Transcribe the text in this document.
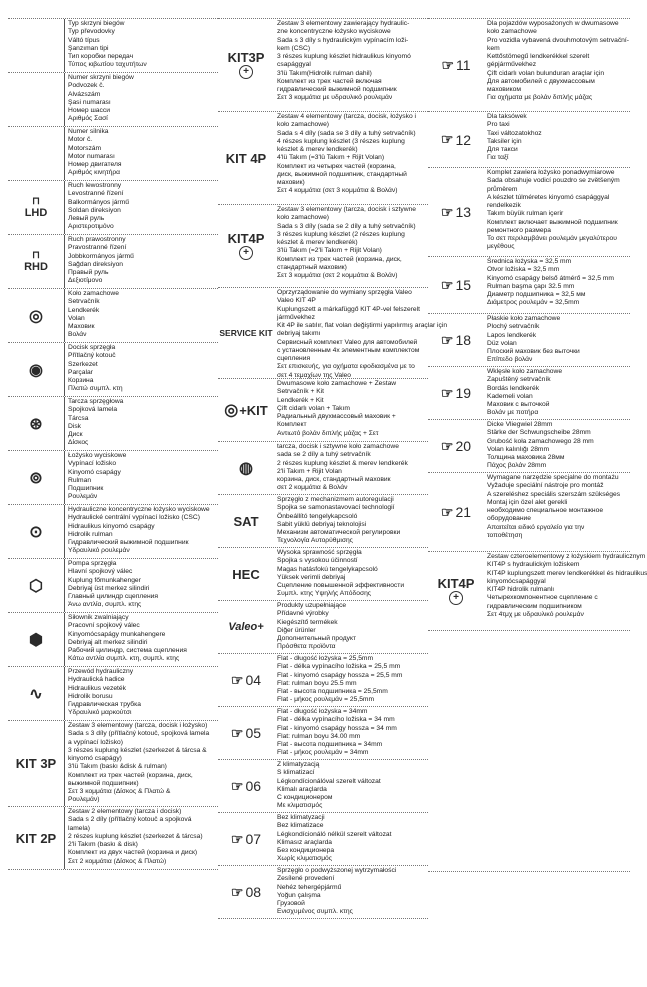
Typ skrzyni biegów
Typ převodovky
Váltó típus
Şanzıman tipi
Тип коробки передач
Τύπος κιβωτίου ταχυτήτων
Numer skrzyni biegów
Podvozek č.
Alvázszám
Şasi numarası
Номер шасси
Αριθμός Σασί
Numer silnika
Motor č.
Motorszám
Motor numarası
Номер двигателя
Αριθμός κινητήρα
⊓
LHD
Ruch lewostronny
Levostranné řízení
Balkormányos jármű
Soldan direksiyon
Левый руль
Αριστεροτιμόνο
⊓
RHD
Ruch prawostronny
Pravostranné řízení
Jobbkormányos jármű
Sağdan direksiyon
Правый руль
Δεξιοτίμονο
◎
Koło zamachowe
Setrvačník
Lendkerék
Volan
Маховик
Βολάν
◉
Docisk sprzęgła
Přítlačný kotouč
Szerkezet
Parçalar
Корзина
Πλατώ συμπλ. κτη
⊛
Tarcza sprzęgłowa
Spojková lamela
Tárcsa
Disk
Диск
Δίσκος
⊚
Łożysko wyciskowe
Vypínací ložisko
Kinyomó csapágy
Rulman
Подшипник
Ρουλεμάν
⊙
Hydrauliczne koncentryczne łożysko wyciskowe
Hydraulické centrální vypínací ložisko (CSC)
Hidraulikus kinyomó csapágy
Hidrolik rulman
Гидравлический выжимной подшипник
Υδραυλικό ρουλεμάν
⬡
Pompa sprzęgła
Hlavní spojkový válec
Kuplung főmunkahenger
Debriyaj üst merkez silindiri
Главный цилиндр сцепления
Άνω αντλία, συμπλ. κτης
⬢
Siłownik zwalniający
Pracovní spojkový válec
Kinyomócsapágy munkahengere
Debriyaj alt merkez silindiri
Рабочий цилиндр, система сцепления
Κάτω αντλία συμπλ. κτη, συμπλ. κτης
∿
Przewód hydrauliczny
Hydraulická hadice
Hidraulikus vezeték
Hidrolik borusu
Гидравлическая трубка
Υδραυλικό μαρκούτσι
KIT 3P
Zestaw 3 elementowy (tarcza, docisk i łożysko)
Sada s 3 díly (přítlačný kotouč, spojková lamela
a vypínací ložisko)
3 részes kuplung készlet (szerkezet & tárcsa &
kinyomó csapágy)
3'lü Takım (baskı &disk & rulman)
Комплект из трех частей (корзина, диск,
выжимной подшипник)
Σετ 3 κομμάτια (Δίσκος & Πλατώ &
Ρουλεμάν)
KIT 2P
Zestaw 2 elementowy (tarcza i docisk)
Sada s 2 díly (přítlačný kotouč a spojková
lamela)
2 részes kuplung készlet (szerkezet & tárcsa)
2'li Takım (baskı & disk)
Комплект из двух частей (корзина и диск)
Σετ 2 κομμάτια (Δίσκος & Πλατώ)
KIT3P
+
Zestaw 3 elementowy zawierający hydraulic-
zne koncentryczne łożysko wyciskowe
Sada s 3 díly s hydraulickým vypínacím loži-
kem (CSC)
3 részes kuplung készlet hidraulikus kinyomó
csapággyal
3'lü Takım(Hidrolik rulman dahil)
Комплект из трех частей включая
гидравлический выжимной подшипник
Σετ 3 κομμάτια με υδραυλικό ρουλεμάν
KIT 4P
Zestaw 4 elementowy (tarcza, docisk, łożysko i
koło zamachowe)
Sada s 4 díly (sada se 3 díly a tuhý setrvačník)
4 részes kuplung készlet (3 részes kuplung
készlet & merev lendkerék)
4'lü Takım (=3'lü Takım + Rijit Volan)
Комплект из четырех частей (корзина,
диск, выжимной подшипник, стандартный
маховик)
Σετ 4 κομμάτια (σετ 3 κομμάτια & Βολάν)
KIT4P
+
Zestaw 3 elementowy (tarcza, docisk i sztywne
koło zamachowe)
Sada s 3 díly (sada se 2 díly a tuhý setrvačník)
3 részes kuplung készlet (2 részes kuplung
készlet & merev lendkerék)
3'lü Takım (=2'li Takım + Rijit Volan)
Комплект из трех частей (корзина, диск,
стандартный маховик)
Σετ 3 κομμάτια (σετ 2 κομμάτια & Βολάν)
SERVICE KIT
Oprzyrządowanie do wymiany sprzęgła Valeo
Valeo KIT 4P
Kuplungszett a márkafüggő KIT 4P-vel felszerelt
járművekhez
Kit 4P ile satılır, flat volan değiştirmi yapılırmış araçlar için
debriyaj takımı
Сервисный комплект Valeo для автомобилей
с установленным 4х элементным комплектом
сцепления
Σετ επισκευής, για οχήματα εφοδιασμένα με το
σετ 4 τεμαχίων της Valeo
◎ +KIT
Dwumasowe koło zamachowe + Zestaw
Setrvačník + Kit
Lendkerék + Kit
Çift cidarlı volan + Takım
Радиальный двухмассовый маховик +
Комплект
Αντιωτό βολάν διπλής μάζας + Σετ
◍
tarcza, docisk i sztywne koło zamachowe
sada se 2 díly a tuhý setrvačník
2 részes kuplung készlet & merev lendkerék
2'li Takım + Rijit Volan
корзина, диск, стандартный маховик
σετ 2 κομμάτια & Βολάν
SAT
Sprzęgło z mechanizmem autoregulacji
Spojka se samonastavovací technologií
Önbeállító tengelykapcsoló
Sabit yüklü debriyaj teknolojisi
Механизм автоматической регулировки
Τεχνολογία Αυτορύθμισης
HEC
Wysoka sprawność sprzęgła
Spojka s vysokou účinností
Magas hatásfokú tengelykapcsoló
Yüksek verimli debriyaj
Сцепление повышенной эффективности
Συμπλ. κτης Υψηλής Απόδοσης
Valeo+
Produkty uzupełniające
Přídavné výrobky
Kiegészítő termékek
Diğer ürünler
Дополнительный продукт
Πρόσθετα προϊόντα
☞ 04
Flat - długość łożyska = 25,5mm
Flat - délka vypínacího ložiska = 25,5 mm
Flat - kinyomó csapágy hossza = 25,5 mm
Flat: rulman boyu 25.5 mm
Flat - высота подшипника = 25,5mm
Flat - μήκος ρουλεμάν = 25,5mm
☞ 05
Flat - długość łożyska = 34mm
Flat - délka vypínacího ložiska = 34 mm
Flat - kinyomó csapágy hossza = 34 mm
Flat: rulman boyu 34.00 mm
Flat - высота подшипника = 34mm
Flat - μήκος ρουλεμάν = 34mm
☞ 06
Z klimatyzacją
S klimatizací
Légkondícionálóval szerelt változat
Klimalı araçlarda
С кондиционером
Με κλιματισμός
☞ 07
Bez klimatyzacji
Bez klimatizace
Légkondícionáló nélkül szerelt változat
Klimasız araçlarda
Без кондиционера
Χωρίς κλιματισμός
☞ 08
Sprzęgło o podwyższonej wytrzymałości
Zesílené provedení
Nehéz tehergépjármű
Yoğun çalışma
Грузовой
Ενισχυμένος συμπλ. κτης
☞ 11
Dla pojazdów wyposażonych w dwumasowe
koło zamachowe
Pro vozidla vybavená dvouhmotovým setrvační-
kem
Kettőstömegű lendkerékkel szerelt
gépjárművekhez
Çift cidarlı volan bulunduran araçlar için
Для автомобилей с двухмассовым
маховиком
Για οχήματα με βολάν διπλής μάζας
☞ 12
Dla taksówek
Pro taxi
Taxi változatokhoz
Taksiler için
Для такси
Για ταξί
☞ 13
Komplet zawiera łożysko ponadwymiarowe
Sada obsahuje vodicí pouzdro se zvětšeným
průměrem
A készlet túlméretes kinyomó csapággyal
rendelkezik
Takım büyük rulman içerir
Комплект включает выжимной подшипник
ремонтного размера
Το σετ περιλαμβάνει ρουλεμάν μεγαλύτερου
μεγέθους
☞ 15
Średnica łożyska = 32,5 mm
Otvor ložiska = 32,5 mm
Kinyomó csapágy belső átmérő = 32,5 mm
Rulman başma çapı 32.5 mm
Диаметр подшипника = 32,5 мм
Διάμετρος ρουλεμάν = 32,5mm
☞ 18
Płaskie koło zamachowe
Plochý setrvačník
Lapos lendkerék
Düz volan
Плоский маховик без выточки
Επίπεδο βολάν
☞ 19
Wklęsłe koło zamachowe
Zapuštěný setrvačník
Bordás lendkerék
Kademeli volan
Маховик с выточкой
Βολάν με ποτήρα
☞ 20
Dicke Vliegwiel 28mm
Stärke der Schwungscheibe 28mm
Grubość koła zamachowego 28 mm
Volan kalınlığı 28mm
Толщина маховика 28мм
Πάχος βολάν 28mm
☞ 21
Wymagane narzędzie specjalne do montażu
Vyžaduje speciální nástroje pro montáž
A szereléshez speciális szerszám szükséges
Montaj için özel alet gerekli
необходимо специальное монтажное
оборудование
Απαιτείται ειδικό εργαλείο για την
τοποθέτηση
KIT4P
+
Zestaw czteroelementowy z łożyskiem hydraulicznym
KIT4P s hydraulickým ložiskem
KIT4P kuplungszett merev lendkerékkel és hidraulikus
kinyomócsapággyal
KIT4P hidrolik rulmanlı
Четырехкомпонентное сцепление с
гидравлическим подшипником
Σετ 4τμχ με υδραυλικό ρουλεμάν
